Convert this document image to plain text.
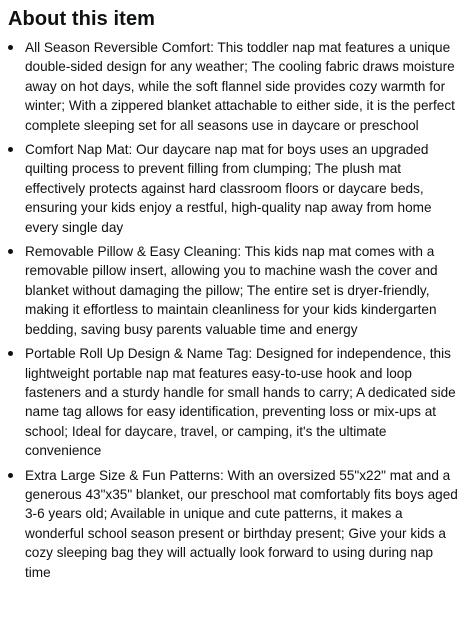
About this item
All Season Reversible Comfort: This toddler nap mat features a unique double-sided design for any weather; The cooling fabric draws moisture away on hot days, while the soft flannel side provides cozy warmth for winter; With a zippered blanket attachable to either side, it is the perfect complete sleeping set for all seasons use in daycare or preschool
Comfort Nap Mat: Our daycare nap mat for boys uses an upgraded quilting process to prevent filling from clumping; The plush mat effectively protects against hard classroom floors or daycare beds, ensuring your kids enjoy a restful, high-quality nap away from home every single day
Removable Pillow & Easy Cleaning: This kids nap mat comes with a removable pillow insert, allowing you to machine wash the cover and blanket without damaging the pillow; The entire set is dryer-friendly, making it effortless to maintain cleanliness for your kids kindergarten bedding, saving busy parents valuable time and energy
Portable Roll Up Design & Name Tag: Designed for independence, this lightweight portable nap mat features easy-to-use hook and loop fasteners and a sturdy handle for small hands to carry; A dedicated side name tag allows for easy identification, preventing loss or mix-ups at school; Ideal for daycare, travel, or camping, it's the ultimate convenience
Extra Large Size & Fun Patterns: With an oversized 55"x22" mat and a generous 43"x35" blanket, our preschool mat comfortably fits boys aged 3-6 years old; Available in unique and cute patterns, it makes a wonderful school season present or birthday present; Give your kids a cozy sleeping bag they will actually look forward to using during nap time
